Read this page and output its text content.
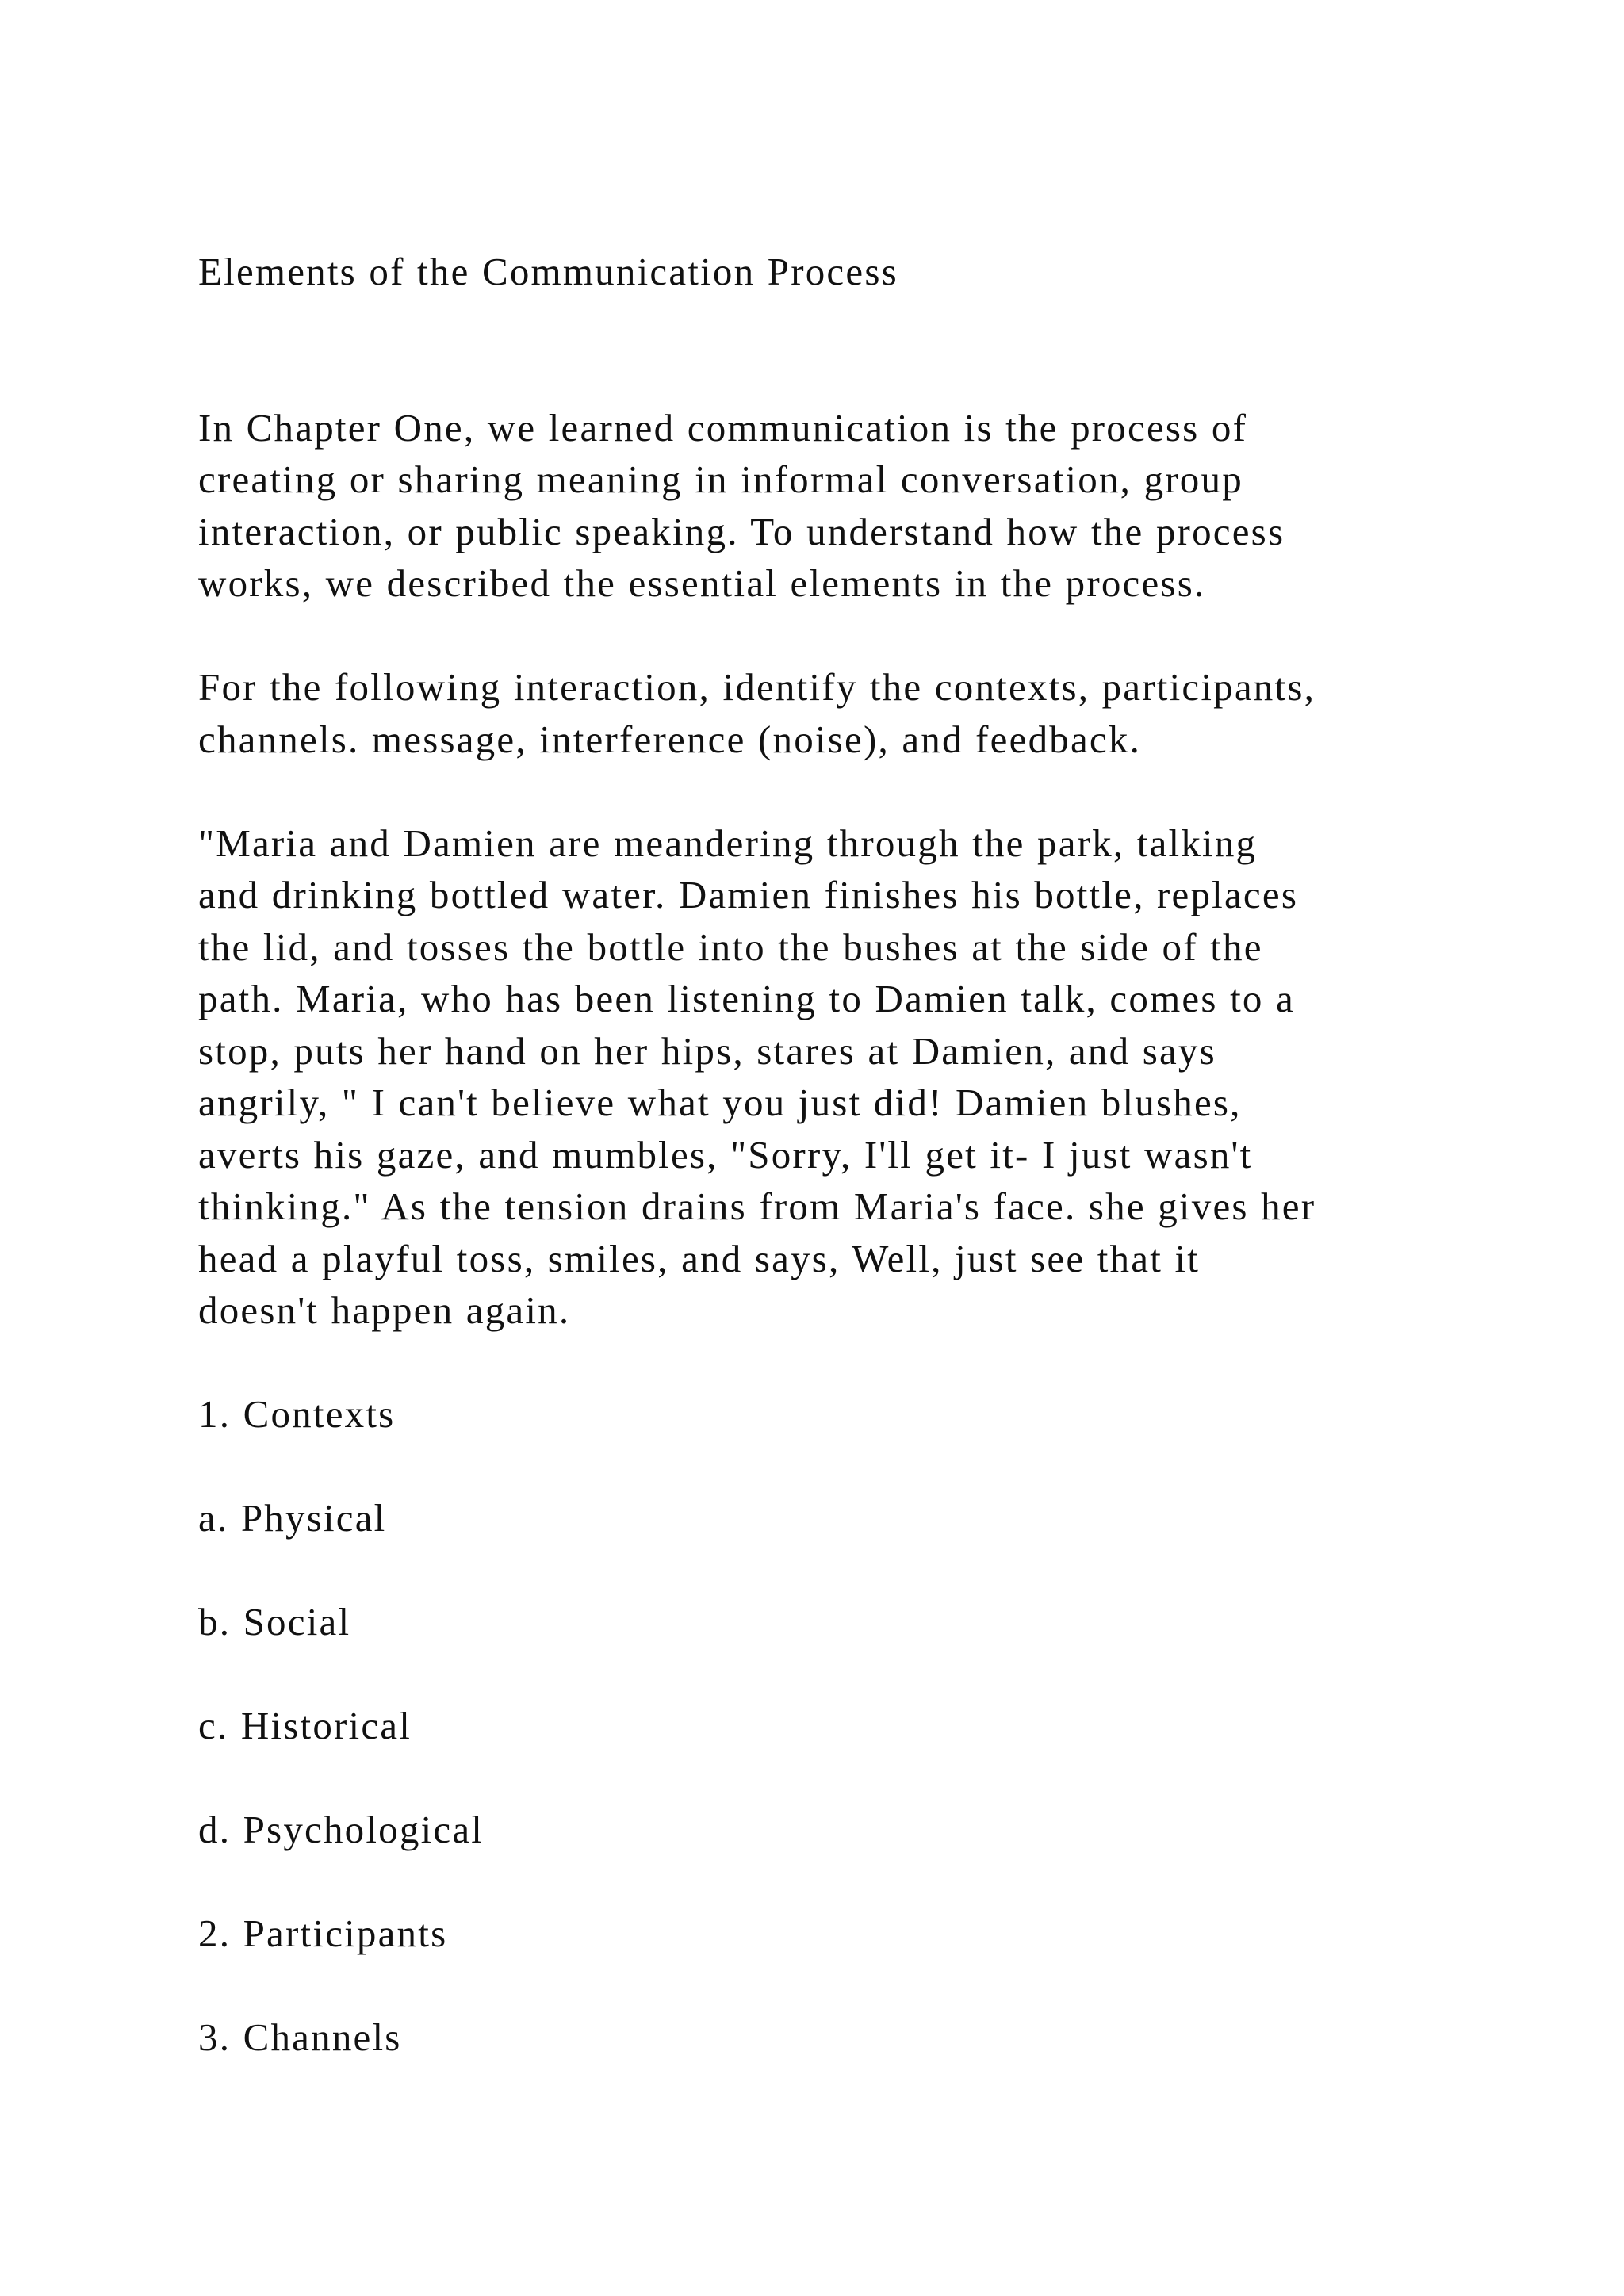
Elements of the Communication Process

In Chapter One, we learned communication is the process of
creating or sharing meaning in informal conversation, group
interaction, or public speaking. To understand how the process
works, we described the essential elements in the process.

For the following interaction, identify the contexts, participants,
channels. message, interference (noise), and feedback.

"Maria and Damien are meandering through the park, talking
and drinking bottled water. Damien finishes his bottle, replaces
the lid, and tosses the bottle into the bushes at the side of the
path. Maria, who has been listening to Damien talk, comes to a
stop, puts her hand on her hips, stares at Damien, and says
angrily, " I can't believe what you just did! Damien blushes,
averts his gaze, and mumbles, "Sorry, I'll get it- I just wasn't
thinking." As the tension drains from Maria's face. she gives her
head a playful toss, smiles, and says, Well, just see that it
doesn't happen again.

1. Contexts

a. Physical

b. Social

c. Historical

d. Psychological

2. Participants

3. Channels
